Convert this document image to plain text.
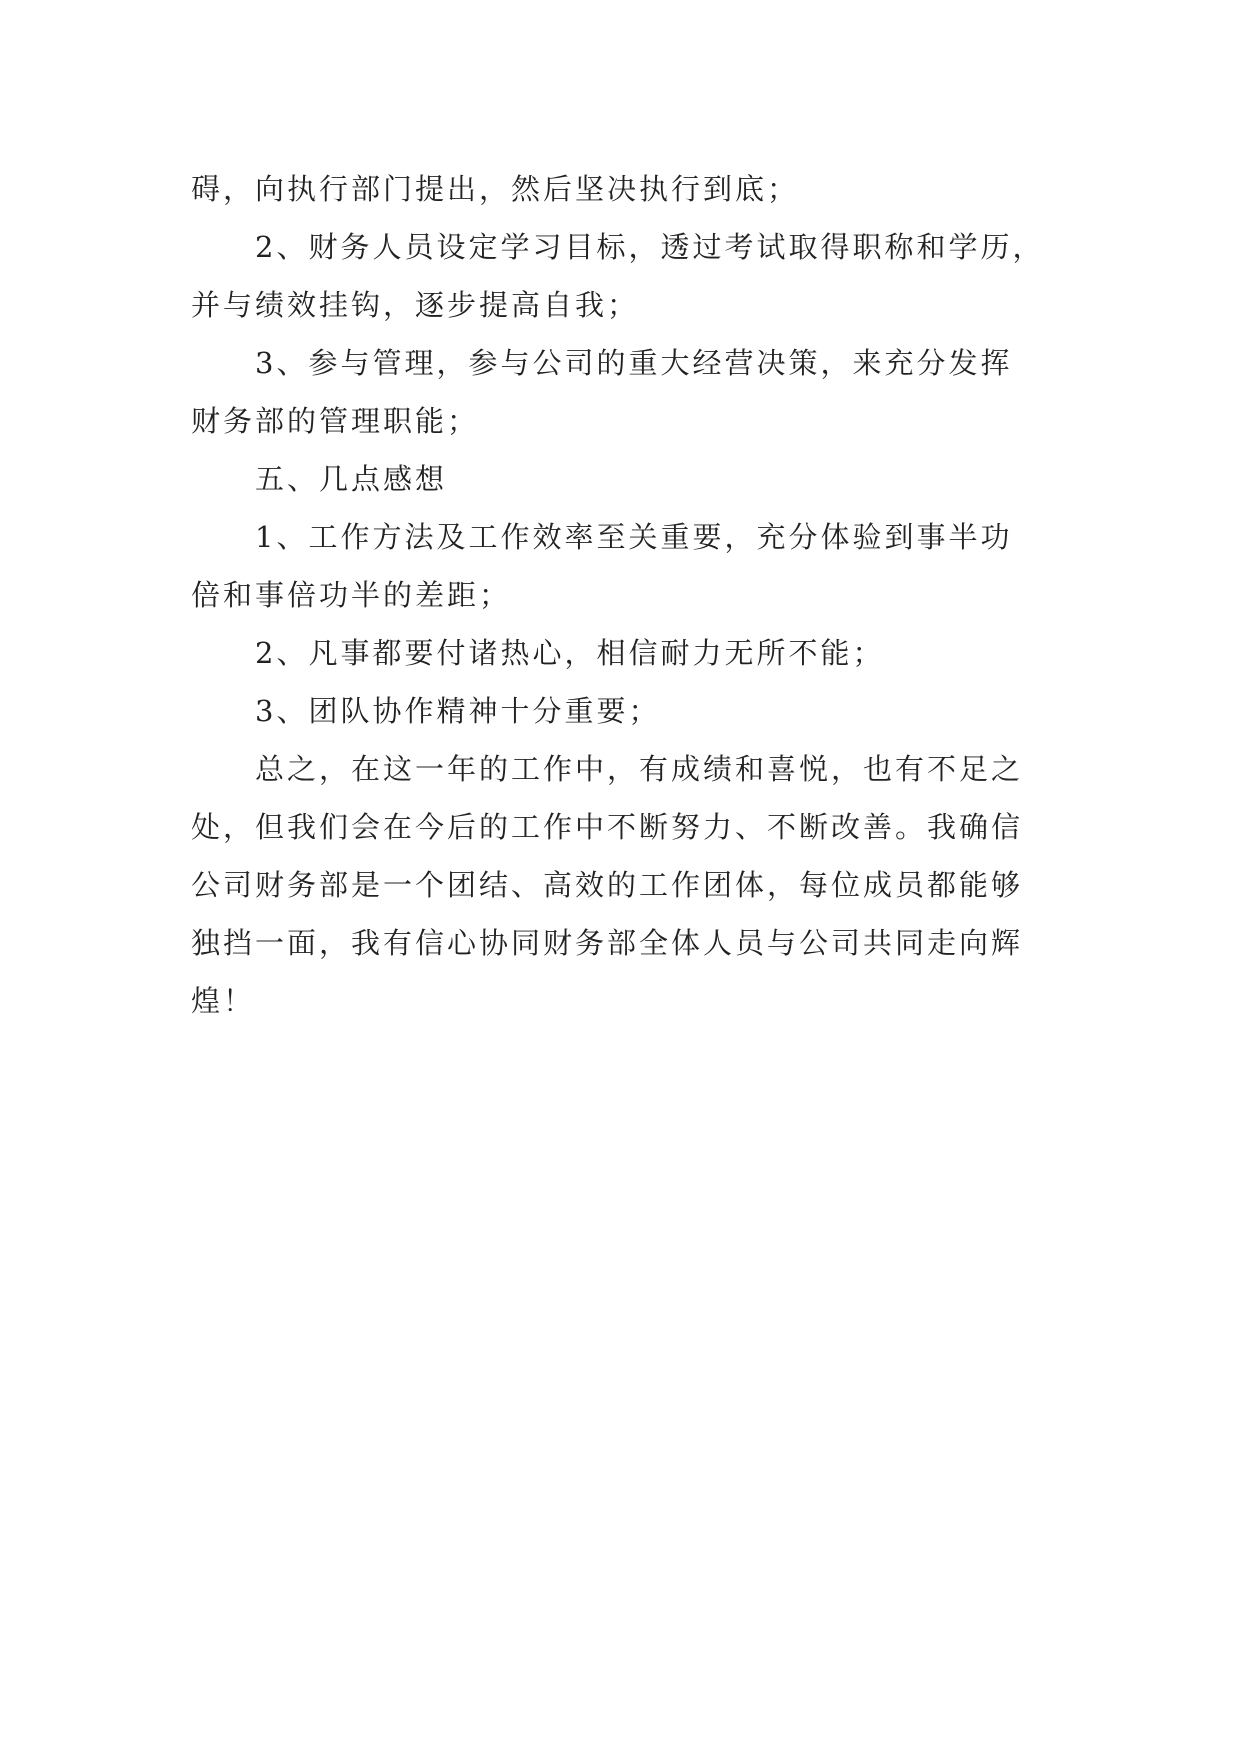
碍，向执行部门提出，然后坚决执行到底；
2、财务人员设定学习目标，透过考试取得职称和学历，
并与绩效挂钩，逐步提高自我；
3、参与管理，参与公司的重大经营决策，来充分发挥
财务部的管理职能；
五、几点感想
1、工作方法及工作效率至关重要，充分体验到事半功
倍和事倍功半的差距；
2、凡事都要付诸热心，相信耐力无所不能；
3、团队协作精神十分重要；
总之，在这一年的工作中，有成绩和喜悦，也有不足之
处，但我们会在今后的工作中不断努力、不断改善。我确信
公司财务部是一个团结、高效的工作团体，每位成员都能够
独挡一面，我有信心协同财务部全体人员与公司共同走向辉
煌！
